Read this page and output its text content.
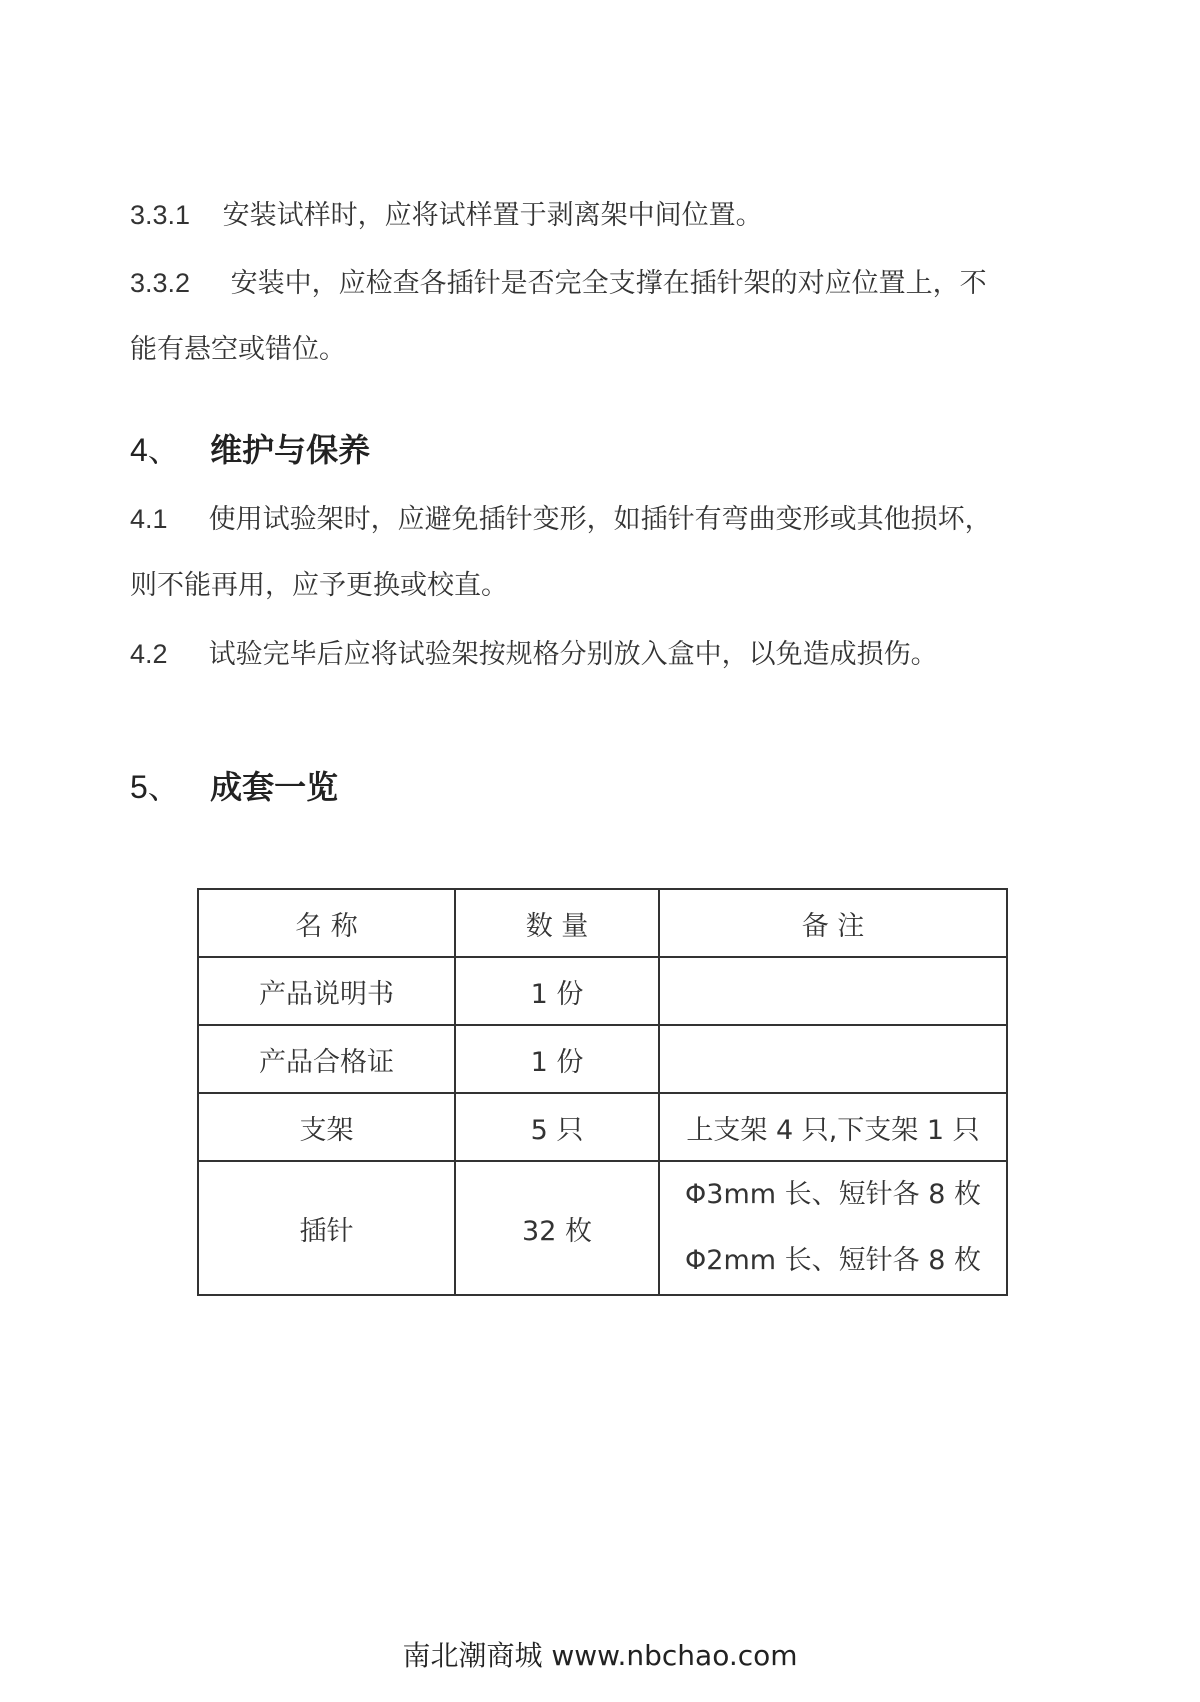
3.3.1 安装试样时，应将试样置于剥离架中间位置。
3.3.2 安装中，应检查各插针是否完全支撑在插针架的对应位置上，不
能有悬空或错位。
4、 维护与保养
4.1 使用试验架时，应避免插针变形，如插针有弯曲变形或其他损坏，
则不能再用，应予更换或校直。
4.2 试验完毕后应将试验架按规格分别放入盒中，以免造成损伤。
5、 成套一览
名 称	数 量	备 注
产品说明书	1 份	
产品合格证	1 份	
支架	5 只	上支架 4 只,下支架 1 只
插针	32 枚	Φ3mm 长、短针各 8 枚
Φ2mm 长、短针各 8 枚
南北潮商城 www.nbchao.com
